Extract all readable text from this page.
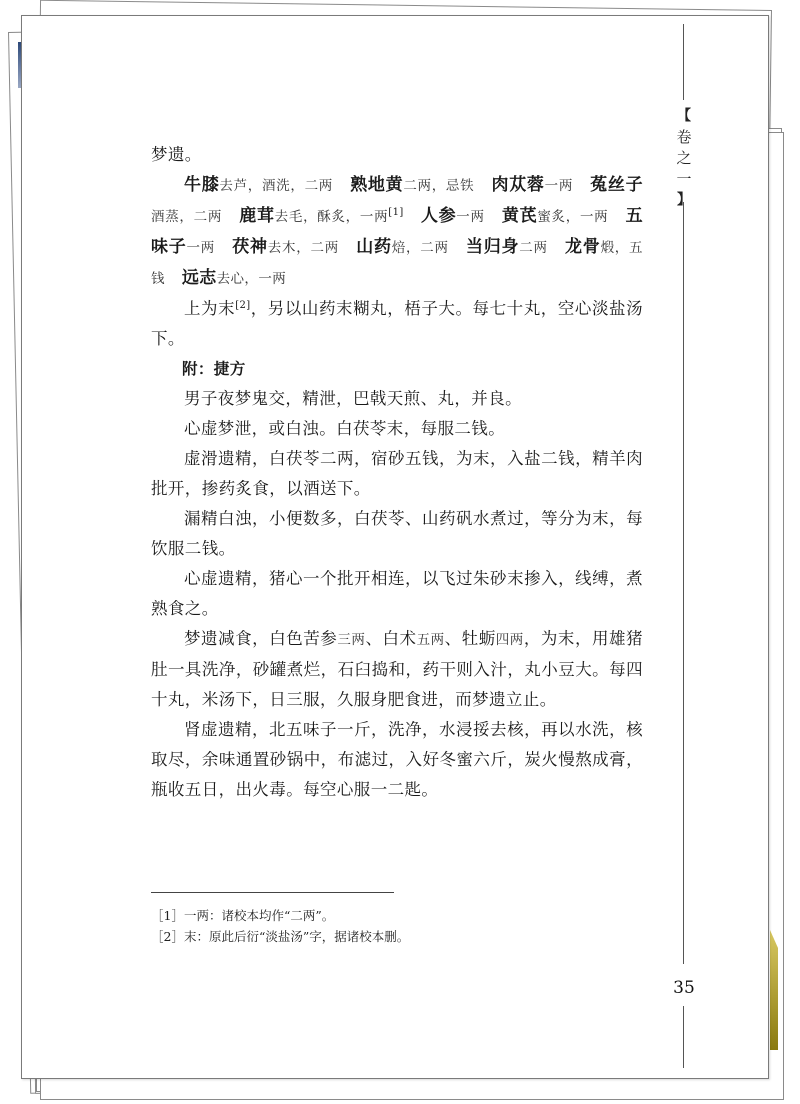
梦遗。

牛膝去芦，酒洗，二两  熟地黄二两，忌铁  肉苁蓉一两  菟丝子酒蒸，二两  鹿茸去毛，酥炙，一两[1]  人参一两  黄芪蜜炙，一两  五味子一两  茯神去木，二两  山药焙，二两  当归身二两  龙骨煅，五钱  远志去心，一两

上为末[2]，另以山药末糊丸，梧子大。每七十丸，空心淡盐汤下。

附：捷方

男子夜梦鬼交，精泄，巴戟天煎、丸，并良。

心虚梦泄，或白浊。白茯苓末，每服二钱。

虚滑遗精，白茯苓二两，宿砂五钱，为末，入盐二钱，精羊肉批开，掺药炙食，以酒送下。

漏精白浊，小便数多，白茯苓、山药矾水煮过，等分为末，每饮服二钱。

心虚遗精，猪心一个批开相连，以飞过朱砂末掺入，线缚，煮熟食之。

梦遗减食，白色苦参三两、白术五两、牡蛎四两，为末，用雄猪肚一具洗净，砂罐煮烂，石臼捣和，药干则入汁，丸小豆大。每四十丸，米汤下，日三服，久服身肥食进，而梦遗立止。

肾虚遗精，北五味子一斤，洗净，水浸挼去核，再以水洗，核取尽，余味通置砂锅中，布滤过，入好冬蜜六斤，炭火慢熬成膏，瓶收五日，出火毒。每空心服一二匙。

［1］一两：诸校本均作“二两”。
［2］末：原此后衍“淡盐汤”字，据诸校本删。
【
卷
之
一
】
35
